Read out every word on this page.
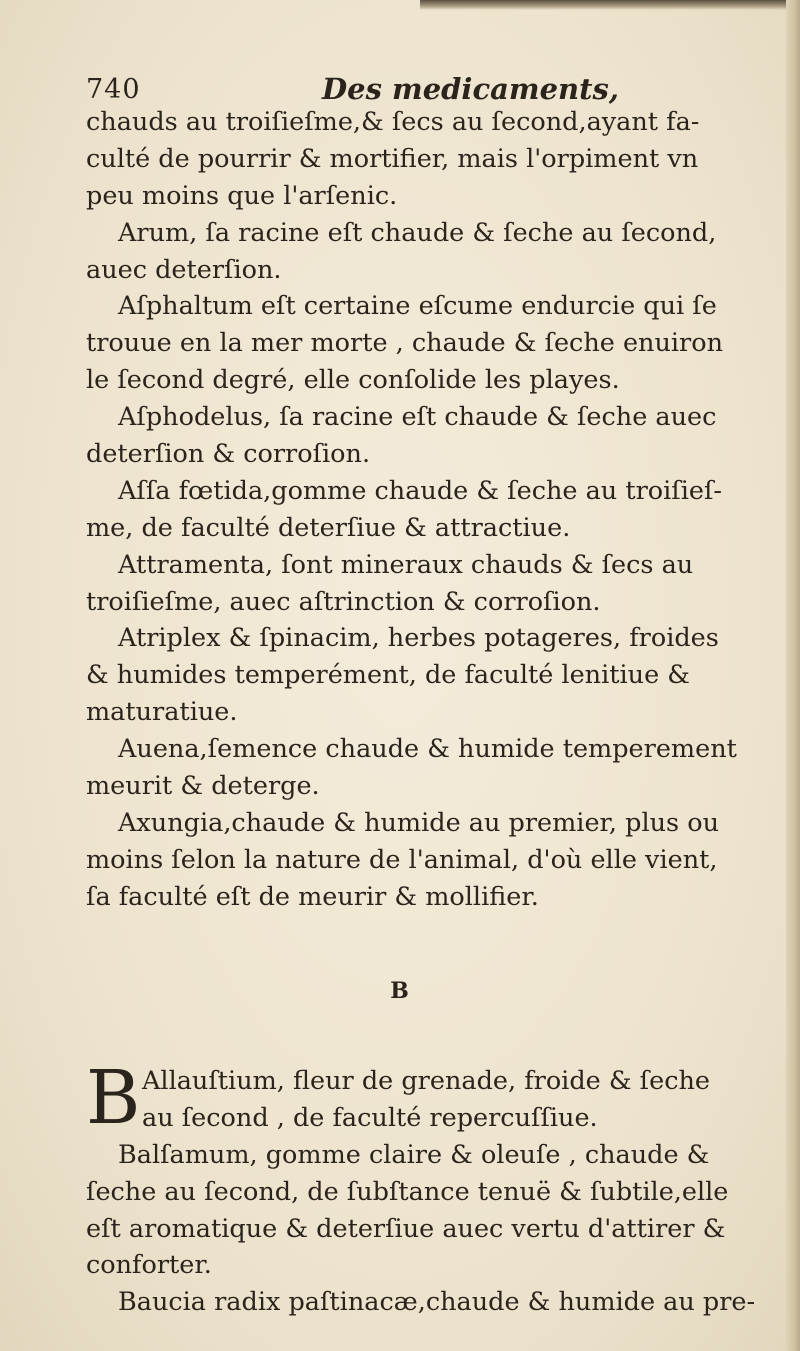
740	Des medicaments,
chauds au troiſieſme,& ſecs au ſecond,ayant fa-
culté de pourrir & mortifier, mais l'orpiment vn
peu moins que l'arſenic.
Arum, ſa racine eſt chaude & ſeche au ſecond,
auec deterſion.
Aſphaltum eſt certaine eſcume endurcie qui ſe
trouue en la mer morte , chaude & ſeche enuiron
le ſecond degré, elle conſolide les playes.
Aſphodelus, ſa racine eſt chaude & ſeche auec
deterſion & corroſion.
Aſſa fœtida,gomme chaude & ſeche au troiſieſ-
me, de faculté deterſiue & attractiue.
Attramenta, ſont mineraux chauds & ſecs au
troiſieſme, auec aſtrinction & corroſion.
Atriplex & ſpinacim, herbes potageres, froides
& humides temperément, de faculté lenitiue &
maturatiue.
Auena,ſemence chaude & humide temperement
meurit & deterge.
Axungia,chaude & humide au premier, plus ou
moins ſelon la nature de l'animal, d'où elle vient,
ſa faculté eſt de meurir & mollifier.
B
B Allauſtium, fleur de grenade, froide & ſeche
au ſecond , de faculté repercuſſiue.
Balſamum, gomme claire & oleuſe , chaude &
ſeche au ſecond, de ſubſtance tenuë & ſubtile,elle
eſt aromatique & deterſiue auec vertu d'attirer &
conforter.
Baucia radix paſtinacæ,chaude & humide au pre-
